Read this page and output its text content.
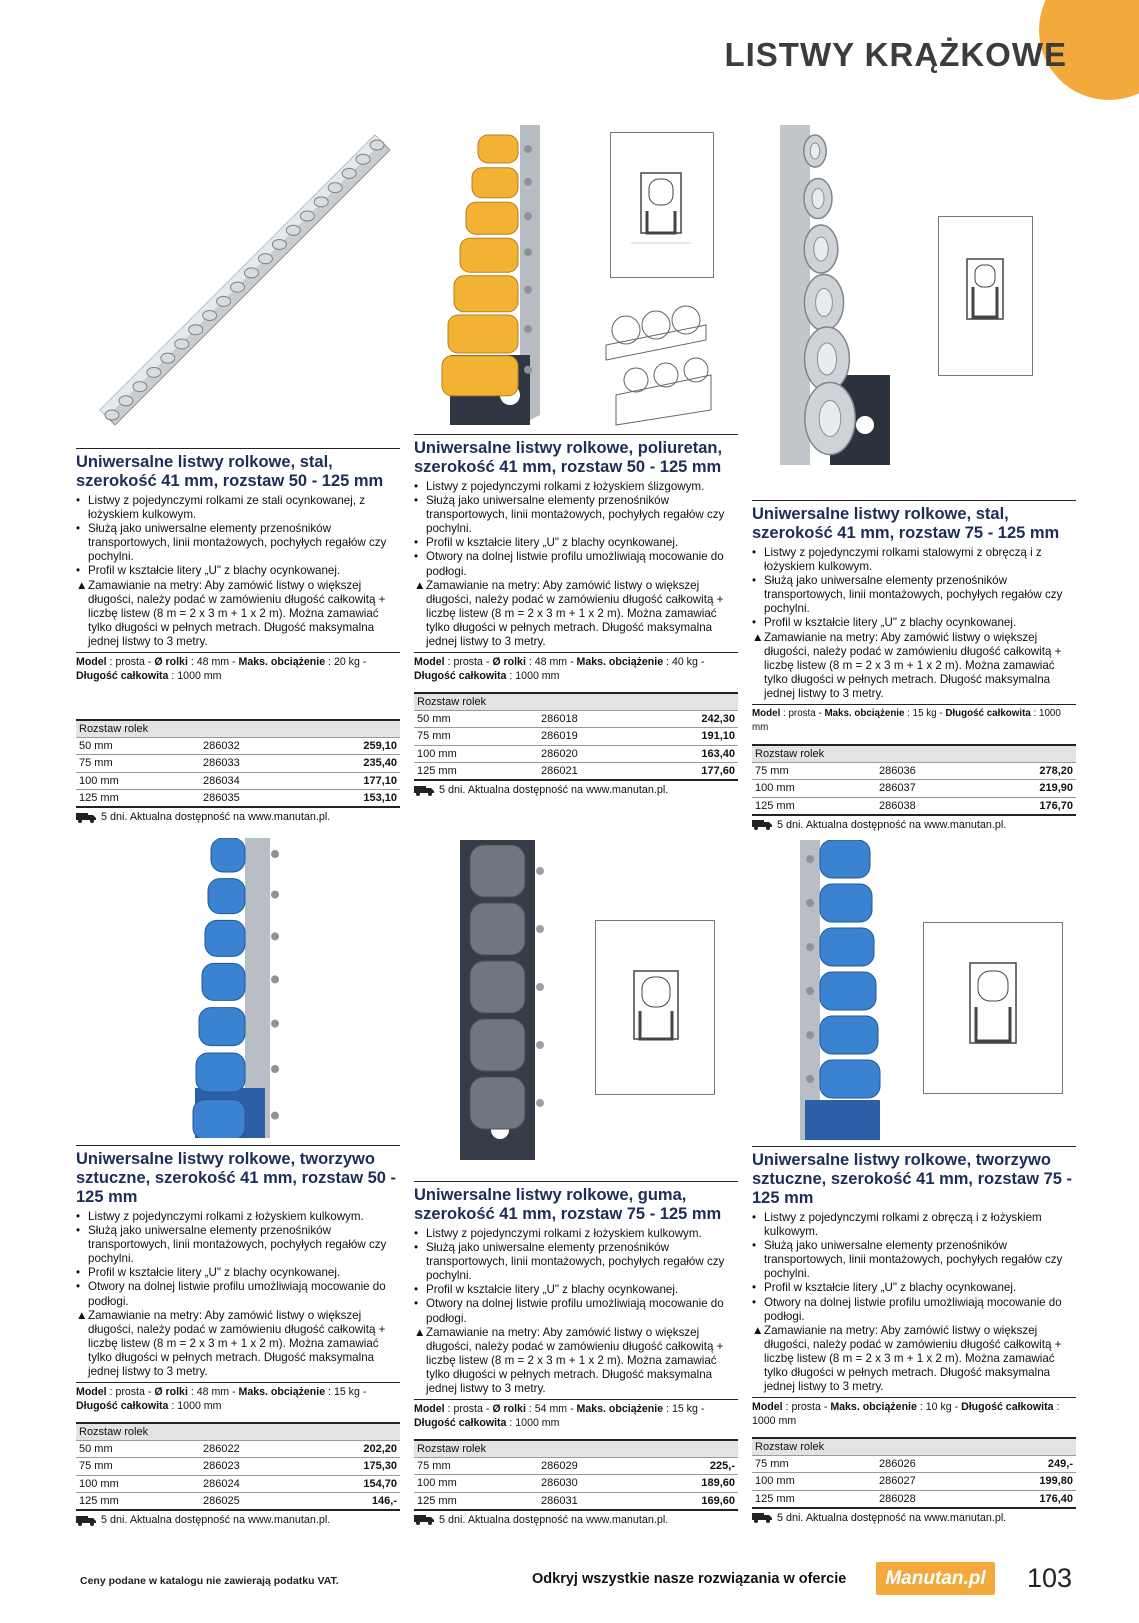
LISTWY KRĄŻKOWE
Uniwersalne listwy rolkowe, stal, szerokość 41 mm, rozstaw 50 - 125 mm
• Listwy z pojedynczymi rolkami ze stali ocynkowanej, z łożyskiem kulkowym.
• Służą jako uniwersalne elementy przenośników transportowych, linii montażowych, pochyłych regałów czy pochylni.
• Profil w kształcie litery „U" z blachy ocynkowanej.
▲ Zamawianie na metry: Aby zamówić listwy o większej długości, należy podać w zamówieniu długość całkowitą + liczbę listew (8 m = 2 x 3 m + 1 x 2 m). Można zamawiać tylko długości w pełnych metrach. Długość maksymalna jednej listwy to 3 metry.
Model : prosta - Ø rolki : 48 mm - Maks. obciążenie : 20 kg - Długość całkowita : 1000 mm
Rozstaw rolek		
50 mm	286032	259,10
75 mm	286033	235,40
100 mm	286034	177,10
125 mm	286035	153,10
5 dni. Aktualna dostępność na www.manutan.pl.
Uniwersalne listwy rolkowe, poliuretan, szerokość 41 mm, rozstaw 50 - 125 mm
• Listwy z pojedynczymi rolkami z łożyskiem ślizgowym.
• Służą jako uniwersalne elementy przenośników transportowych, linii montażowych, pochyłych regałów czy pochylni.
• Profil w kształcie litery „U" z blachy ocynkowanej.
• Otwory na dolnej listwie profilu umożliwiają mocowanie do podłogi.
▲ Zamawianie na metry: Aby zamówić listwy o większej długości, należy podać w zamówieniu długość całkowitą + liczbę listew (8 m = 2 x 3 m + 1 x 2 m). Można zamawiać tylko długości w pełnych metrach. Długość maksymalna jednej listwy to 3 metry.
Model : prosta - Ø rolki : 48 mm - Maks. obciążenie : 40 kg - Długość całkowita : 1000 mm
Rozstaw rolek		
50 mm	286018	242,30
75 mm	286019	191,10
100 mm	286020	163,40
125 mm	286021	177,60
5 dni. Aktualna dostępność na www.manutan.pl.
Uniwersalne listwy rolkowe, stal, szerokość 41 mm, rozstaw 75 - 125 mm
• Listwy z pojedynczymi rolkami stalowymi z obręczą i z łożyskiem kulkowym.
• Służą jako uniwersalne elementy przenośników transportowych, linii montażowych, pochyłych regałów czy pochylni.
• Profil w kształcie litery „U" z blachy ocynkowanej.
▲ Zamawianie na metry: Aby zamówić listwy o większej długości, należy podać w zamówieniu długość całkowitą + liczbę listew (8 m = 2 x 3 m + 1 x 2 m). Można zamawiać tylko długości w pełnych metrach. Długość maksymalna jednej listwy to 3 metry.
Model : prosta - Maks. obciążenie : 15 kg - Długość całkowita : 1000 mm
Rozstaw rolek		
75 mm	286036	278,20
100 mm	286037	219,90
125 mm	286038	176,70
5 dni. Aktualna dostępność na www.manutan.pl.
Uniwersalne listwy rolkowe, tworzywo sztuczne, szerokość 41 mm, rozstaw 50 - 125 mm
• Listwy z pojedynczymi rolkami z łożyskiem kulkowym.
• Służą jako uniwersalne elementy przenośników transportowych, linii montażowych, pochyłych regałów czy pochylni.
• Profil w kształcie litery „U" z blachy ocynkowanej.
• Otwory na dolnej listwie profilu umożliwiają mocowanie do podłogi.
▲ Zamawianie na metry: Aby zamówić listwy o większej długości, należy podać w zamówieniu długość całkowitą + liczbę listew (8 m = 2 x 3 m + 1 x 2 m). Można zamawiać tylko długości w pełnych metrach. Długość maksymalna jednej listwy to 3 metry.
Model : prosta - Ø rolki : 48 mm - Maks. obciążenie : 15 kg - Długość całkowita : 1000 mm
Rozstaw rolek		
50 mm	286022	202,20
75 mm	286023	175,30
100 mm	286024	154,70
125 mm	286025	146,-
5 dni. Aktualna dostępność na www.manutan.pl.
Uniwersalne listwy rolkowe, guma, szerokość 41 mm, rozstaw 75 - 125 mm
• Listwy z pojedynczymi rolkami z łożyskiem kulkowym.
• Służą jako uniwersalne elementy przenośników transportowych, linii montażowych, pochyłych regałów czy pochylni.
• Profil w kształcie litery „U" z blachy ocynkowanej.
• Otwory na dolnej listwie profilu umożliwiają mocowanie do podłogi.
▲ Zamawianie na metry: Aby zamówić listwy o większej długości, należy podać w zamówieniu długość całkowitą + liczbę listew (8 m = 2 x 3 m + 1 x 2 m). Można zamawiać tylko długości w pełnych metrach. Długość maksymalna jednej listwy to 3 metry.
Model : prosta - Ø rolki : 54 mm - Maks. obciążenie : 15 kg - Długość całkowita : 1000 mm
Rozstaw rolek		
75 mm	286029	225,-
100 mm	286030	189,60
125 mm	286031	169,60
5 dni. Aktualna dostępność na www.manutan.pl.
Uniwersalne listwy rolkowe, tworzywo sztuczne, szerokość 41 mm, rozstaw 75 - 125 mm
• Listwy z pojedynczymi rolkami z obręczą i z łożyskiem kulkowym.
• Służą jako uniwersalne elementy przenośników transportowych, linii montażowych, pochyłych regałów czy pochylni.
• Profil w kształcie litery „U" z blachy ocynkowanej.
• Otwory na dolnej listwie profilu umożliwiają mocowanie do podłogi.
▲ Zamawianie na metry: Aby zamówić listwy o większej długości, należy podać w zamówieniu długość całkowitą + liczbę listew (8 m = 2 x 3 m + 1 x 2 m). Można zamawiać tylko długości w pełnych metrach. Długość maksymalna jednej listwy to 3 metry.
Model : prosta - Maks. obciążenie : 10 kg - Długość całkowita : 1000 mm
Rozstaw rolek		
75 mm	286026	249,-
100 mm	286027	199,80
125 mm	286028	176,40
5 dni. Aktualna dostępność na www.manutan.pl.
Ceny podane w katalogu nie zawierają podatku VAT.	Odkryj wszystkie nasze rozwiązania w ofercie	Manutan.pl	103
